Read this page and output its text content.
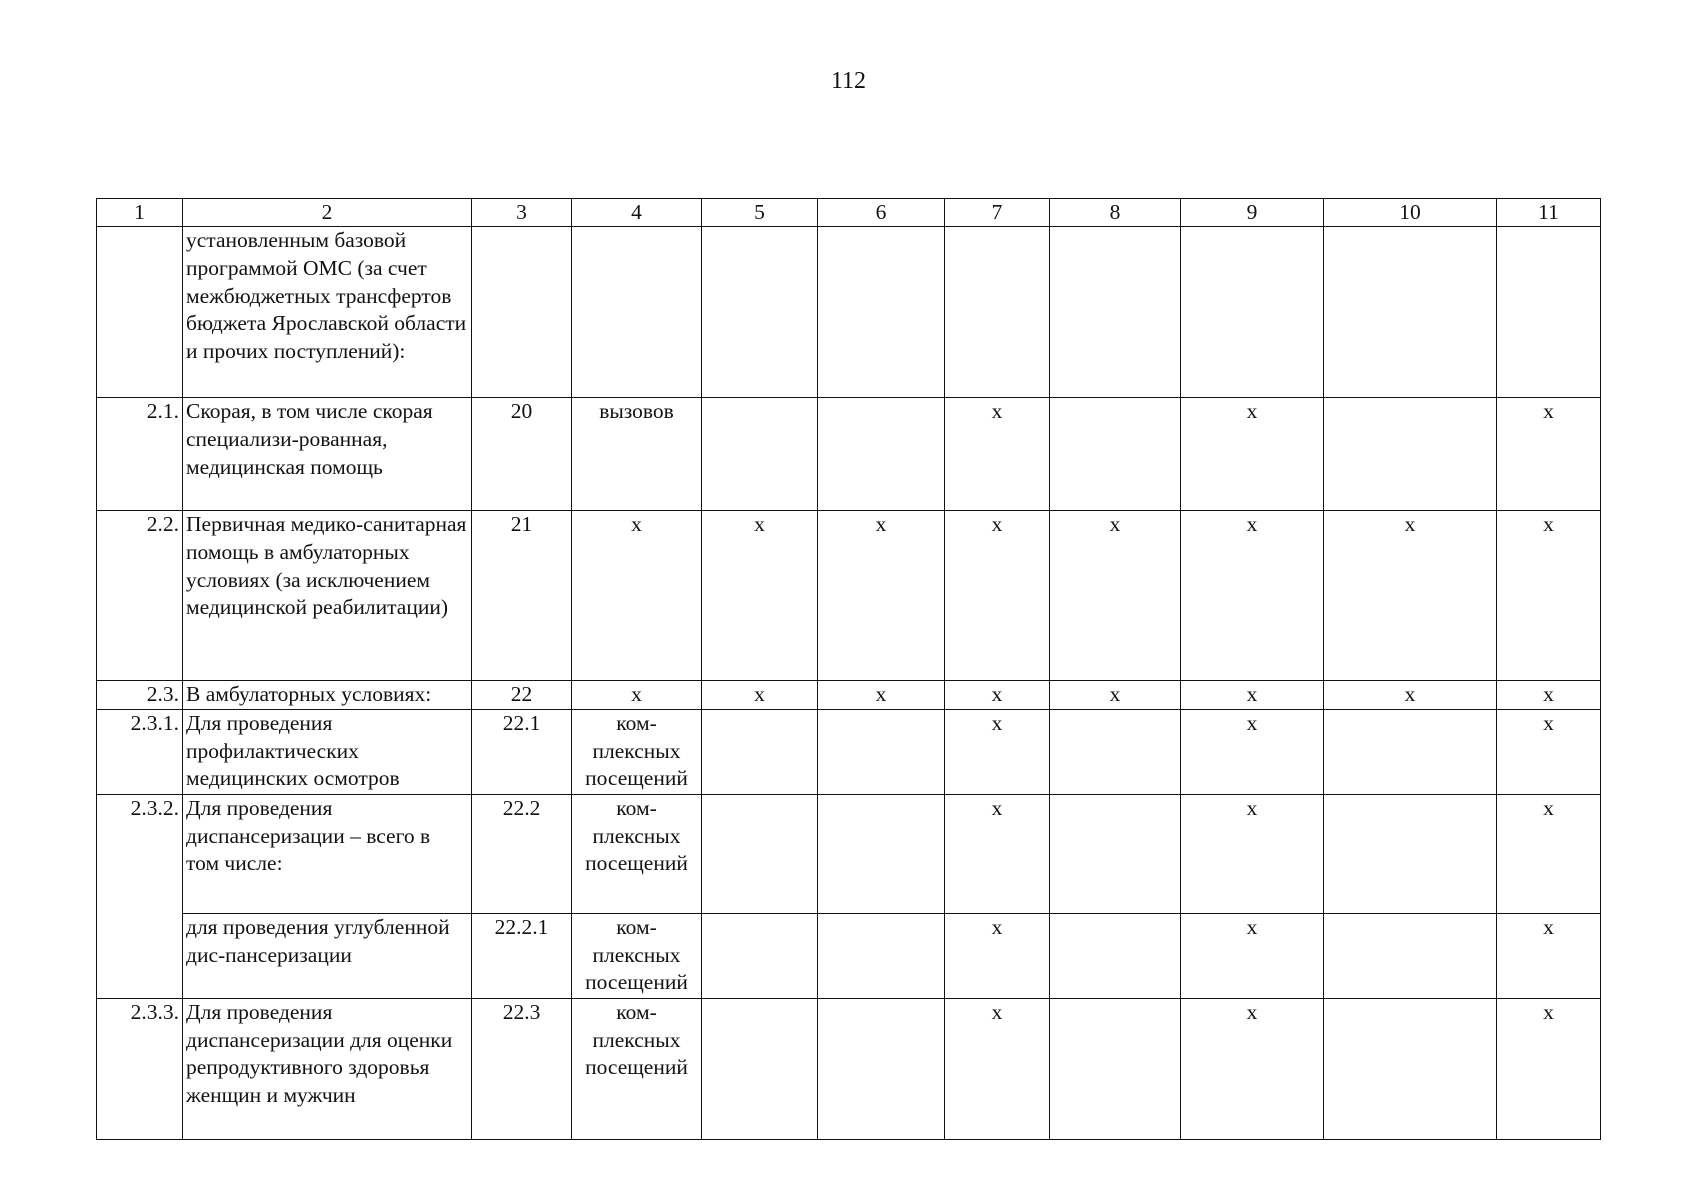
112
1	2	3	4	5	6	7	8	9	10	11
	установленным базовой программой ОМС (за счет межбюджетных трансфертов бюджета Ярославской области и прочих поступлений):									
2.1.	Скорая, в том числе скорая специализи-рованная, медицинская помощь	20	вызовов			х		х		х
2.2.	Первичная медико-санитарная помощь в амбулаторных условиях (за исключением медицинской реабилитации)	21	х	х	х	х	х	х	х	х
2.3.	В амбулаторных условиях:	22	х	х	х	х	х	х	х	х
2.3.1.	Для проведения профилактических медицинских осмотров	22.1	ком-плексных посещений			х		х		х
2.3.2.	Для проведения диспансеризации – всего в том числе:	22.2	ком-плексных посещений			х		х		х
	для проведения углубленной дис-пансеризации	22.2.1	ком-плексных посещений			х		х		х
2.3.3.	Для проведения диспансеризации для оценки репродуктивного здоровья женщин и мужчин	22.3	ком-плексных посещений			х		х		х
